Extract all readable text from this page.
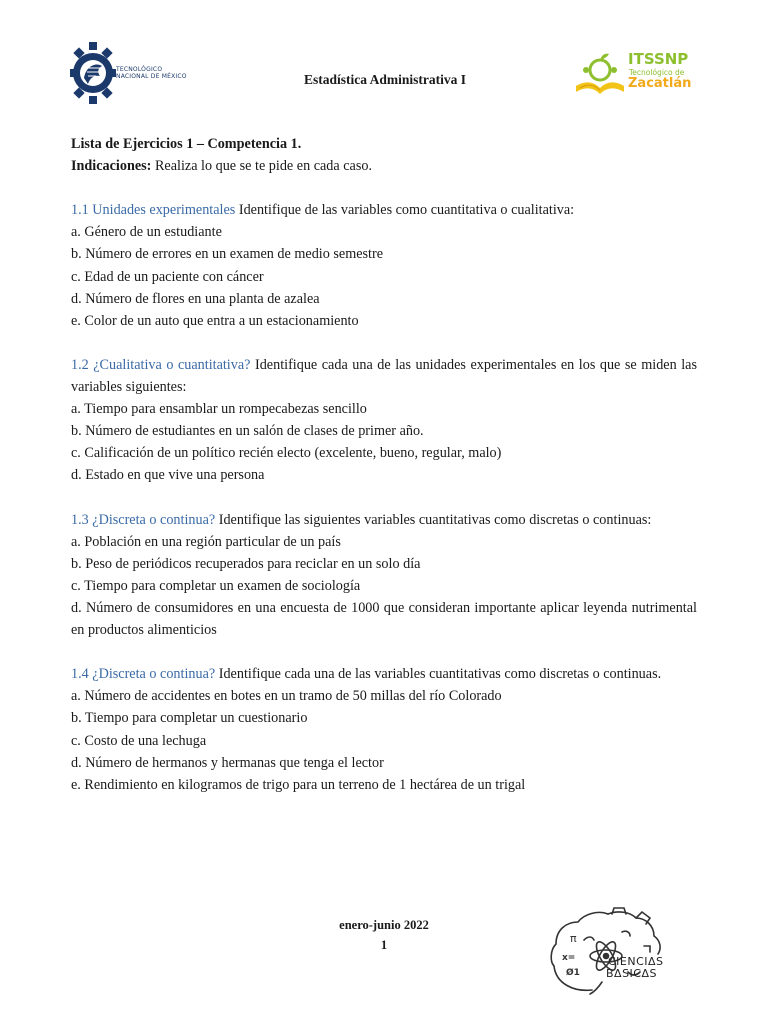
TECNOLÓGICO
NACIONAL DE MÉXICO	Estadística Administrativa I
ITSSNP
Tecnológico de
Zacatlán

Lista de Ejercicios 1 – Competencia 1.

Indicaciones: Realiza lo que se te pide en cada caso.

1.1 Unidades experimentales Identifique de las variables como cuantitativa o cualitativa:

a. Género de un estudiante

b. Número de errores en un examen de medio semestre

c. Edad de un paciente con cáncer

d. Número de flores en una planta de azalea

e. Color de un auto que entra a un estacionamiento

1.2 ¿Cualitativa o cuantitativa? Identifique cada una de las unidades experimentales en los que se miden las variables siguientes:

a. Tiempo para ensamblar un rompecabezas sencillo

b. Número de estudiantes en un salón de clases de primer año.

c. Calificación de un político recién electo (excelente, bueno, regular, malo)

d. Estado en que vive una persona

1.3 ¿Discreta o continua? Identifique las siguientes variables cuantitativas como discretas o continuas:

a. Población en una región particular de un país

b. Peso de periódicos recuperados para reciclar en un solo día

c. Tiempo para completar un examen de sociología

d. Número de consumidores en una encuesta de 1000 que consideran importante aplicar leyenda nutrimental en productos alimenticios

1.4 ¿Discreta o continua? Identifique cada una de las variables cuantitativas como discretas o continuas.

a. Número de accidentes en botes en un tramo de 50 millas del río Colorado

b. Tiempo para completar un cuestionario

c. Costo de una lechuga

d. Número de hermanos y hermanas que tenga el lector

e. Rendimiento en kilogramos de trigo para un terreno de 1 hectárea de un trigal

enero-junio 2022
1	π
x=
Ø1
CIENCIΔS
BΔSICΔS
